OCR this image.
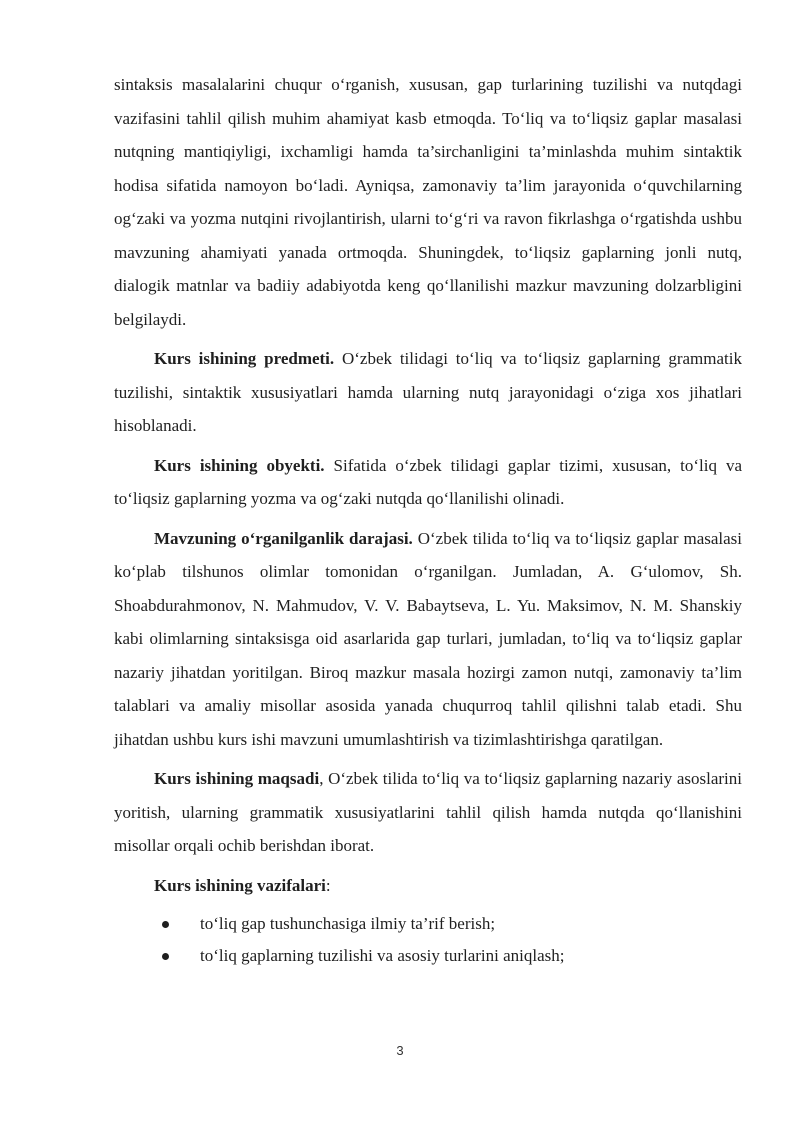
sintaksis masalalarini chuqur o‘rganish, xususan, gap turlarining tuzilishi va nutqdagi vazifasini tahlil qilish muhim ahamiyat kasb etmoqda. To‘liq va to‘liqsiz gaplar masalasi nutqning mantiqiyligi, ixchamligi hamda ta’sirchanligini ta’minlashda muhim sintaktik hodisa sifatida namoyon bo‘ladi. Ayniqsa, zamonaviy ta’lim jarayonida o‘quvchilarning og‘zaki va yozma nutqini rivojlantirish, ularni to‘g‘ri va ravon fikrlashga o‘rgatishda ushbu mavzuning ahamiyati yanada ortmoqda. Shuningdek, to‘liqsiz gaplarning jonli nutq, dialogik matnlar va badiiy adabiyotda keng qo‘llanilishi mazkur mavzuning dolzarbligini belgilaydi.

Kurs ishining predmeti. O‘zbek tilidagi to‘liq va to‘liqsiz gaplarning grammatik tuzilishi, sintaktik xususiyatlari hamda ularning nutq jarayonidagi o‘ziga xos jihatlari hisoblanadi.

Kurs ishining obyekti. Sifatida o‘zbek tilidagi gaplar tizimi, xususan, to‘liq va to‘liqsiz gaplarning yozma va og‘zaki nutqda qo‘llanilishi olinadi.

Mavzuning o‘rganilganlik darajasi. O‘zbek tilida to‘liq va to‘liqsiz gaplar masalasi ko‘plab tilshunos olimlar tomonidan o‘rganilgan. Jumladan, A. G‘ulomov, Sh. Shoabdurahmonov, N. Mahmudov, V. V. Babaytseva, L. Yu. Maksimov, N. M. Shanskiy kabi olimlarning sintaksisga oid asarlarida gap turlari, jumladan, to‘liq va to‘liqsiz gaplar nazariy jihatdan yoritilgan. Biroq mazkur masala hozirgi zamon nutqi, zamonaviy ta’lim talablari va amaliy misollar asosida yanada chuqurroq tahlil qilishni talab etadi. Shu jihatdan ushbu kurs ishi mavzuni umumlashtirish va tizimlashtirishga qaratilgan.

Kurs ishining maqsadi, O‘zbek tilida to‘liq va to‘liqsiz gaplarning nazariy asoslarini yoritish, ularning grammatik xususiyatlarini tahlil qilish hamda nutqda qo‘llanishini misollar orqali ochib berishdan iborat.

Kurs ishining vazifalari:

to‘liq gap tushunchasiga ilmiy ta’rif berish;
to‘liq gaplarning tuzilishi va asosiy turlarini aniqlash;
3
